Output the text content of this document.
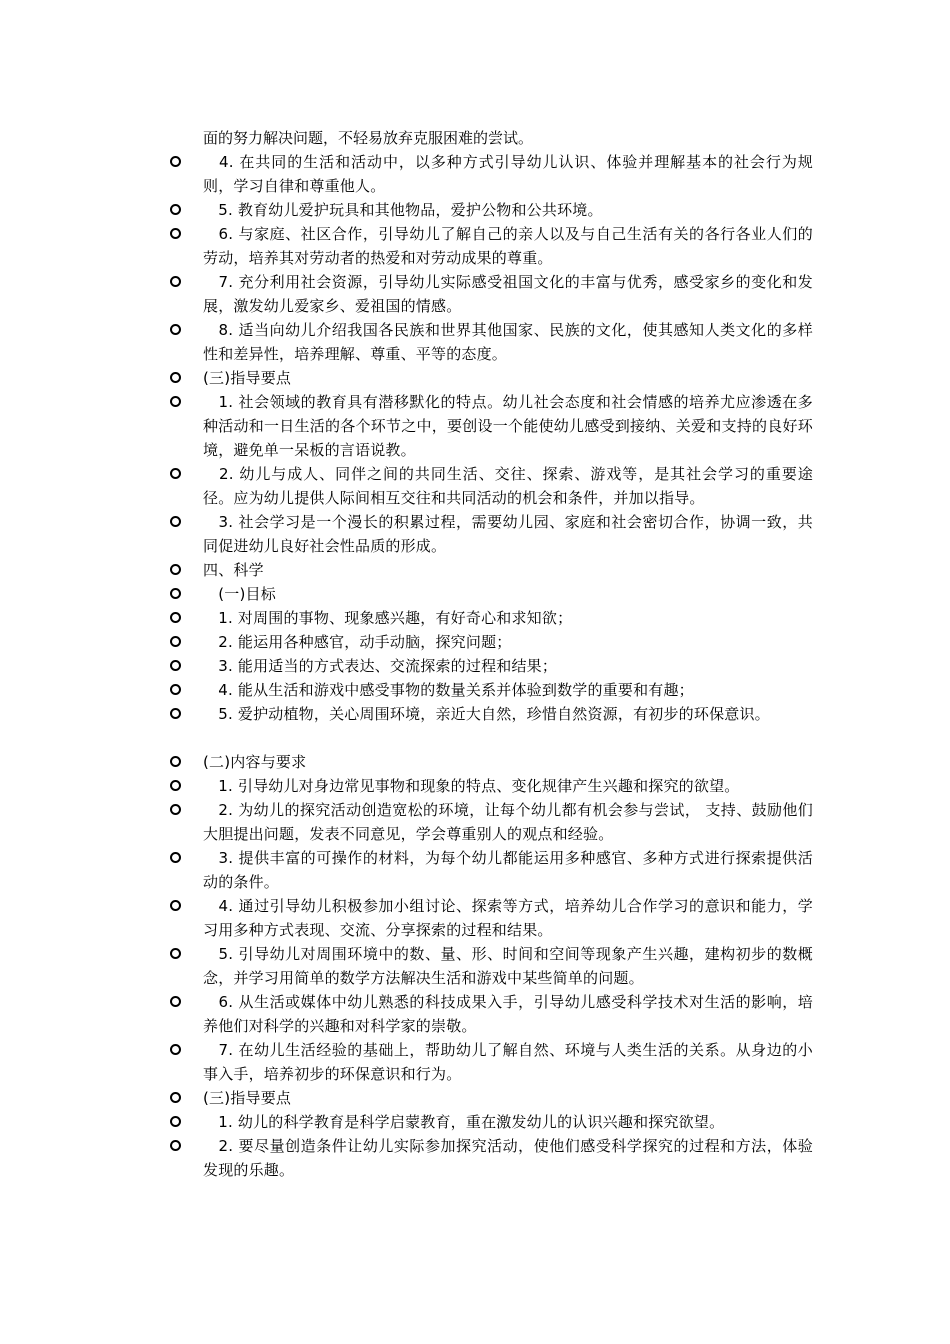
面的努力解决问题，不轻易放弃克服困难的尝试。
　4. 在共同的生活和活动中，以多种方式引导幼儿认识、体验并理解基本的社会行为规则，学习自律和尊重他人。
　5. 教育幼儿爱护玩具和其他物品，爱护公物和公共环境。
　6. 与家庭、社区合作，引导幼儿了解自己的亲人以及与自己生活有关的各行各业人们的劳动，培养其对劳动者的热爱和对劳动成果的尊重。
　7. 充分利用社会资源，引导幼儿实际感受祖国文化的丰富与优秀，感受家乡的变化和发展，激发幼儿爱家乡、爱祖国的情感。
　8. 适当向幼儿介绍我国各民族和世界其他国家、民族的文化，使其感知人类文化的多样性和差异性，培养理解、尊重、平等的态度。
(三)指导要点
　1. 社会领域的教育具有潜移默化的特点。幼儿社会态度和社会情感的培养尤应渗透在多种活动和一日生活的各个环节之中，要创设一个能使幼儿感受到接纳、关爱和支持的良好环境，避免单一呆板的言语说教。
　2. 幼儿与成人、同伴之间的共同生活、交往、探索、游戏等，是其社会学习的重要途径。应为幼儿提供人际间相互交往和共同活动的机会和条件，并加以指导。
　3. 社会学习是一个漫长的积累过程，需要幼儿园、家庭和社会密切合作，协调一致，共同促进幼儿良好社会性品质的形成。
四、科学
　(一)目标
　1. 对周围的事物、现象感兴趣，有好奇心和求知欲；
　2. 能运用各种感官，动手动脑，探究问题；
　3. 能用适当的方式表达、交流探索的过程和结果；
　4. 能从生活和游戏中感受事物的数量关系并体验到数学的重要和有趣；
　5. 爱护动植物，关心周围环境，亲近大自然，珍惜自然资源，有初步的环保意识。
(二)内容与要求
　1. 引导幼儿对身边常见事物和现象的特点、变化规律产生兴趣和探究的欲望。
　2. 为幼儿的探究活动创造宽松的环境，让每个幼儿都有机会参与尝试， 支持、鼓励他们大胆提出问题，发表不同意见，学会尊重别人的观点和经验。
　3. 提供丰富的可操作的材料，为每个幼儿都能运用多种感官、多种方式进行探索提供活动的条件。
　4. 通过引导幼儿积极参加小组讨论、探索等方式，培养幼儿合作学习的意识和能力，学习用多种方式表现、交流、分享探索的过程和结果。
　5. 引导幼儿对周围环境中的数、量、形、时间和空间等现象产生兴趣，建构初步的数概念，并学习用简单的数学方法解决生活和游戏中某些简单的问题。
　6. 从生活或媒体中幼儿熟悉的科技成果入手，引导幼儿感受科学技术对生活的影响，培养他们对科学的兴趣和对科学家的崇敬。
　7. 在幼儿生活经验的基础上，帮助幼儿了解自然、环境与人类生活的关系。从身边的小事入手，培养初步的环保意识和行为。
(三)指导要点
　1. 幼儿的科学教育是科学启蒙教育，重在激发幼儿的认识兴趣和探究欲望。
　2. 要尽量创造条件让幼儿实际参加探究活动，使他们感受科学探究的过程和方法，体验发现的乐趣。
